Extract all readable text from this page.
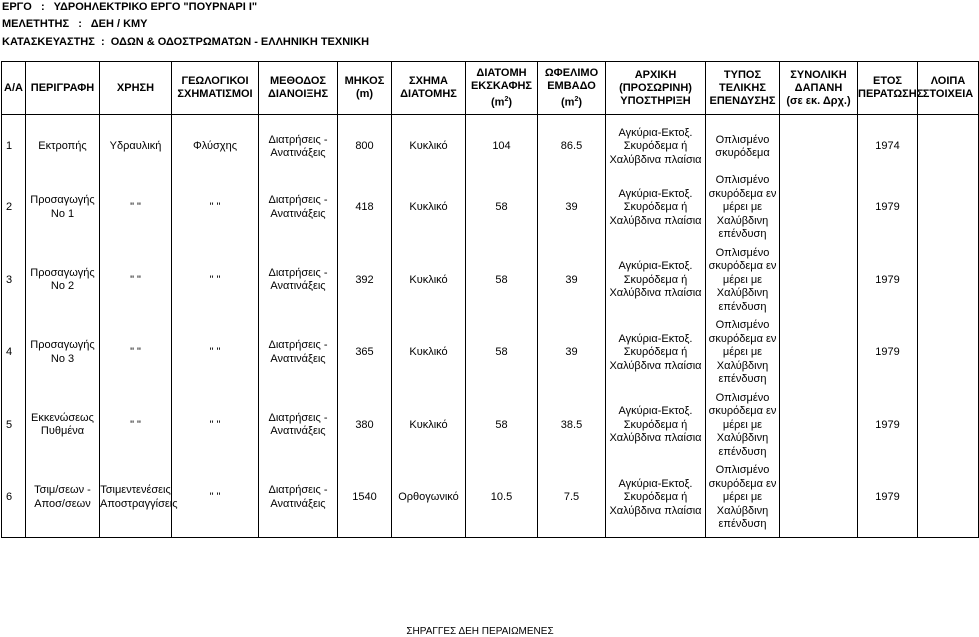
ΕΡΓΟ : ΥΔΡΟΗΛΕΚΤΡΙΚΟ ΕΡΓΟ "ΠΟΥΡΝΑΡΙ I"
ΜΕΛΕΤΗΤΗΣ : ΔΕΗ / ΚΜΥ
ΚΑΤΑΣΚΕΥΑΣΤΗΣ : ΟΔΩΝ & ΟΔΟΣΤΡΩΜΑΤΩΝ - ΕΛΛΗΝΙΚΗ ΤΕΧΝΙΚΗ
Α/Α	ΠΕΡΙΓΡΑΦΗ	ΧΡΗΣΗ	ΓΕΩΛΟΓΙΚΟΙ
ΣΧΗΜΑΤΙΣΜΟΙ	ΜΕΘΟΔΟΣ
ΔΙΑΝΟΙΞΗΣ	ΜΗΚΟΣ
(m)	ΣΧΗΜΑ
ΔΙΑΤΟΜΗΣ	ΔΙΑΤΟΜΗ
ΕΚΣΚΑΦΗΣ
$(m^2)$	ΩΦΕΛΙΜΟ
ΕΜΒΑΔΟ
$(m^2)$	ΑΡΧΙΚΗ
(ΠΡΟΣΩΡΙΝΗ)
ΥΠΟΣΤΗΡΙΞΗ	ΤΥΠΟΣ ΤΕΛΙΚΗΣ
ΕΠΕΝΔΥΣΗΣ	ΣΥΝΟΛΙΚΗ
ΔΑΠΑΝΗ
(σε εκ. Δρχ.)	ΕΤΟΣ
ΠΕΡΑΤΩΣΗΣ	ΛΟΙΠΑ
ΣΤΟΙΧΕΙΑ

1	Εκτροπής	Υδραυλική	Φλύσχης	Διατρήσεις -
Ανατινάξεις	800	Κυκλικό	104	86.5	Αγκύρια-Εκτοξ.
Σκυρόδεμα ή
Χαλύβδινα πλαίσια	Οπλισμένο
σκυρόδεμα		1974	

2	Προσαγωγής
Νο 1	" "	" "	Διατρήσεις -
Ανατινάξεις	418	Κυκλικό	58	39	Αγκύρια-Εκτοξ.
Σκυρόδεμα ή
Χαλύβδινα πλαίσια	Οπλισμένο
σκυρόδεμα εν
μέρει με
Χαλύβδινη
επένδυση		1979	

3	Προσαγωγής
Νο 2	" "	" "	Διατρήσεις -
Ανατινάξεις	392	Κυκλικό	58	39	Αγκύρια-Εκτοξ.
Σκυρόδεμα ή
Χαλύβδινα πλαίσια	Οπλισμένο
σκυρόδεμα εν
μέρει με
Χαλύβδινη
επένδυση		1979	

4	Προσαγωγής
Νο 3	" "	" "	Διατρήσεις -
Ανατινάξεις	365	Κυκλικό	58	39	Αγκύρια-Εκτοξ.
Σκυρόδεμα ή
Χαλύβδινα πλαίσια	Οπλισμένο
σκυρόδεμα εν
μέρει με
Χαλύβδινη
επένδυση		1979	

5	Εκκενώσεως
Πυθμένα	" "	" "	Διατρήσεις -
Ανατινάξεις	380	Κυκλικό	58	38.5	Αγκύρια-Εκτοξ.
Σκυρόδεμα ή
Χαλύβδινα πλαίσια	Οπλισμένο
σκυρόδεμα εν
μέρει με
Χαλύβδινη
επένδυση		1979	

6	Τσιμ/σεων -
Αποσ/σεων	Τσιμεντενέσεις
Αποστραγγίσεις	" "	Διατρήσεις -
Ανατινάξεις	1540	Ορθογωνικό	10.5	7.5	Αγκύρια-Εκτοξ.
Σκυρόδεμα ή
Χαλύβδινα πλαίσια	Οπλισμένο
σκυρόδεμα εν
μέρει με
Χαλύβδινη
επένδυση		1979	

ΣΗΡΑΓΓΕΣ ΔΕΗ ΠΕΡΑΙΩΜΕΝΕΣ
